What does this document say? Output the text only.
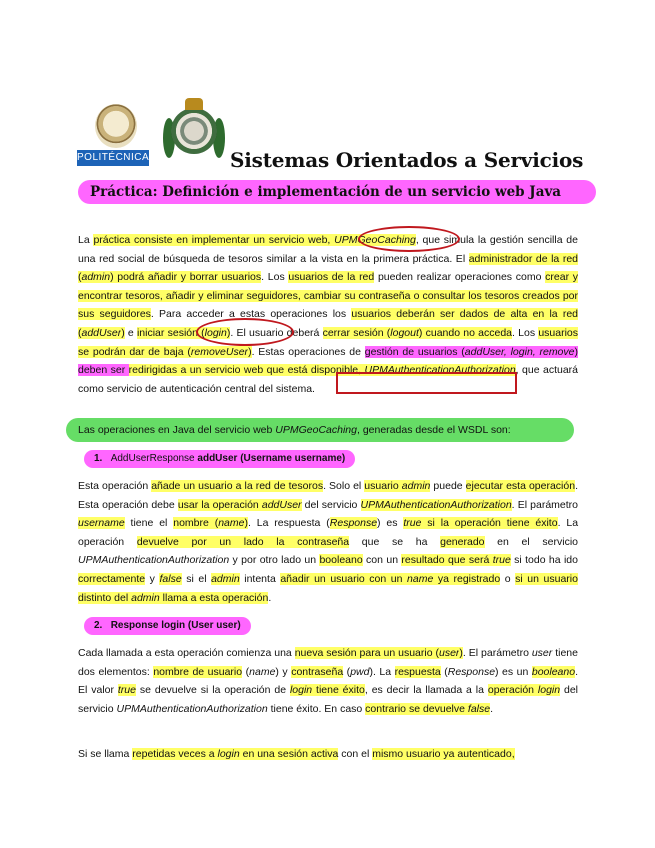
POLITÉCNICA	Sistemas Orientados a Servicios
Práctica: Definición e implementación de un servicio web Java
La práctica consiste en implementar un servicio web, UPMGeoCaching, que simula la gestión sencilla de una red social de búsqueda de tesoros similar a la vista en la primera práctica. El administrador de la red (admin) podrá añadir y borrar usuarios. Los usuarios de la red pueden realizar operaciones como crear y encontrar tesoros, añadir y eliminar seguidores, cambiar su contraseña o consultar los tesoros creados por sus seguidores. Para acceder a estas operaciones los usuarios deberán ser dados de alta en la red (addUser) e iniciar sesión (login). El usuario deberá cerrar sesión (logout) cuando no acceda. Los usuarios se podrán dar de baja (removeUser). Estas operaciones de gestión de usuarios (addUser, login, remove) deben ser redirigidas a un servicio web que está disponible, UPMAuthenticationAuthorization, que actuará como servicio de autenticación central del sistema.
Las operaciones en Java del servicio web UPMGeoCaching, generadas desde el WSDL son:
1. AddUserResponse addUser (Username username)
Esta operación añade un usuario a la red de tesoros. Solo el usuario admin puede ejecutar esta operación. Esta operación debe usar la operación addUser del servicio UPMAuthenticationAuthorization. El parámetro username tiene el nombre (name). La respuesta (Response) es true si la operación tiene éxito. La operación devuelve por un lado la contraseña que se ha generado en el servicio UPMAuthenticationAuthorization y por otro lado un booleano con un resultado que será true si todo ha ido correctamente y false si el admin intenta añadir un usuario con un name ya registrado o si un usuario distinto del admin llama a esta operación.
2. Response login (User user)
Cada llamada a esta operación comienza una nueva sesión para un usuario (user). El parámetro user tiene dos elementos: nombre de usuario (name) y contraseña (pwd). La respuesta (Response) es un booleano. El valor true se devuelve si la operación de login tiene éxito, es decir la llamada a la operación login del servicio UPMAuthenticationAuthorization tiene éxito. En caso contrario se devuelve false.
Si se llama repetidas veces a login en una sesión activa con el mismo usuario ya autenticado,
